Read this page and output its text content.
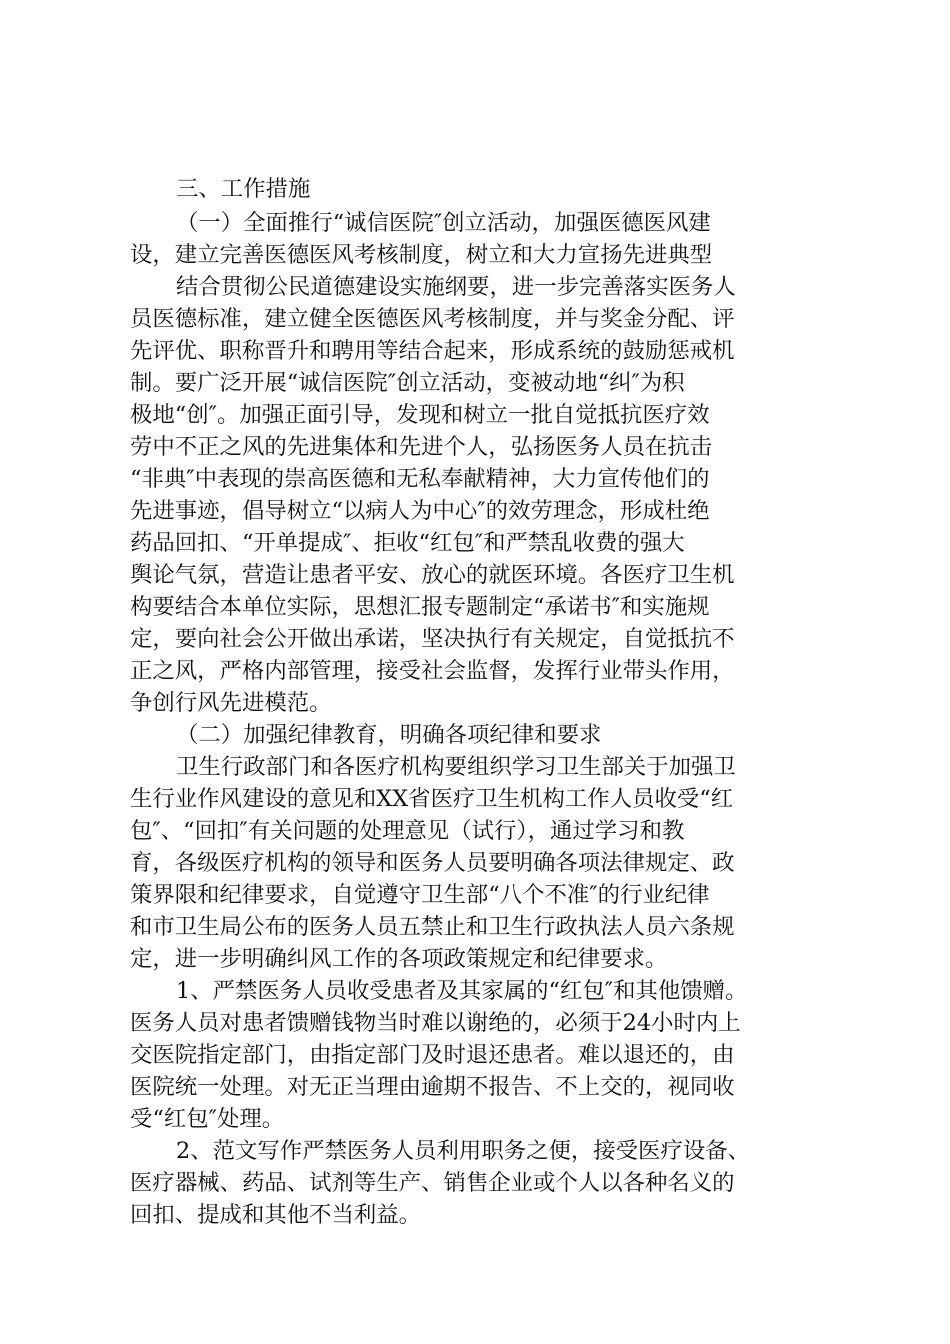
三、工作措施
（一）全面推行“诚信医院″创立活动，加强医德医风建
设，建立完善医德医风考核制度，树立和大力宣扬先进典型
结合贯彻公民道德建设实施纲要，进一步完善落实医务人
员医德标准，建立健全医德医风考核制度，并与奖金分配、评
先评优、职称晋升和聘用等结合起来，形成系统的鼓励惩戒机
制。要广泛开展“诚信医院″创立活动，变被动地“纠″为积
极地“创″。加强正面引导，发现和树立一批自觉抵抗医疗效
劳中不正之风的先进集体和先进个人，弘扬医务人员在抗击
“非典″中表现的崇高医德和无私奉献精神，大力宣传他们的
先进事迹，倡导树立“以病人为中心″的效劳理念，形成杜绝
药品回扣、“开单提成″、拒收“红包″和严禁乱收费的强大
舆论气氛，营造让患者平安、放心的就医环境。各医疗卫生机
构要结合本单位实际，思想汇报专题制定“承诺书″和实施规
定，要向社会公开做出承诺，坚决执行有关规定，自觉抵抗不
正之风，严格内部管理，接受社会监督，发挥行业带头作用，
争创行风先进模范。
（二）加强纪律教育，明确各项纪律和要求
卫生行政部门和各医疗机构要组织学习卫生部关于加强卫
生行业作风建设的意见和XX省医疗卫生机构工作人员收受“红
包″、“回扣″有关问题的处理意见（试行），通过学习和教
育，各级医疗机构的领导和医务人员要明确各项法律规定、政
策界限和纪律要求，自觉遵守卫生部“八个不准″的行业纪律
和市卫生局公布的医务人员五禁止和卫生行政执法人员六条规
定，进一步明确纠风工作的各项政策规定和纪律要求。
1、严禁医务人员收受患者及其家属的“红包″和其他馈赠。
医务人员对患者馈赠钱物当时难以谢绝的，必须于24小时内上
交医院指定部门，由指定部门及时退还患者。难以退还的，由
医院统一处理。对无正当理由逾期不报告、不上交的，视同收
受“红包″处理。
2、范文写作严禁医务人员利用职务之便，接受医疗设备、
医疗器械、药品、试剂等生产、销售企业或个人以各种名义的
回扣、提成和其他不当利益。
